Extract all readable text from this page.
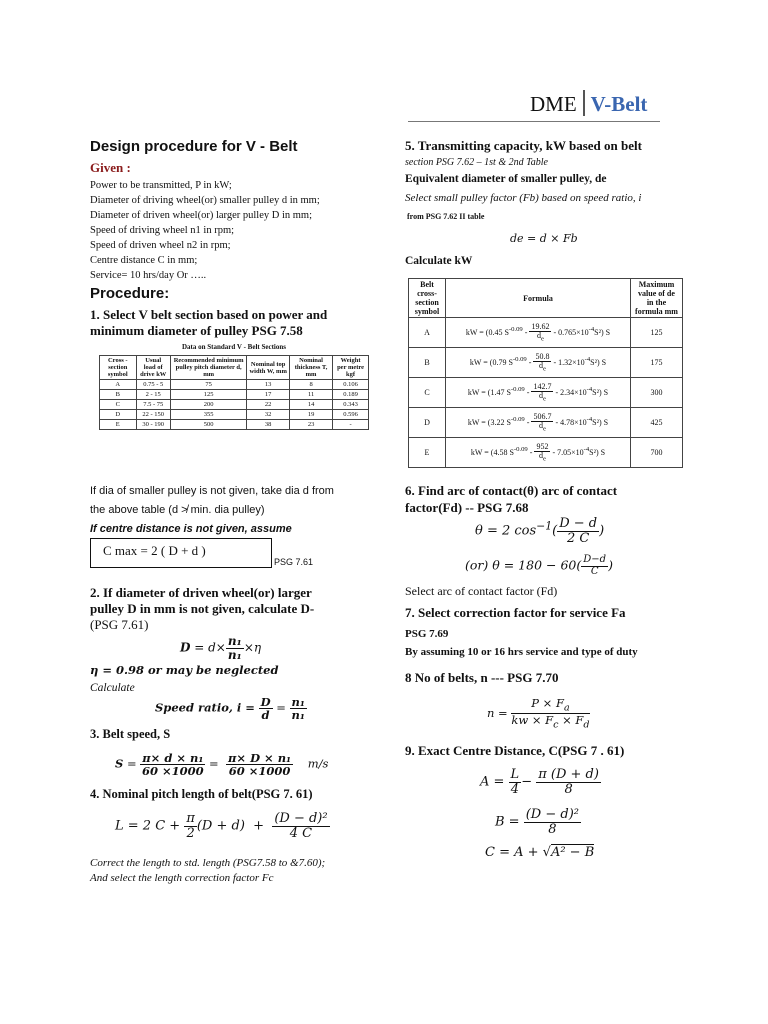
DME V-Belt
Design procedure for V - Belt
Given :
Power to be transmitted, P in kW;
Diameter of driving wheel(or) smaller pulley d in mm;
Diameter of driven wheel(or) larger pulley D in mm;
Speed of driving wheel n1 in rpm;
Speed of driven wheel n2 in rpm;
Centre distance C in mm;
Service= 10 hrs/day Or …..
Procedure:
1. Select V belt section based on power and minimum diameter of pulley PSG 7.58
Data on Standard V - Belt Sections
Cross - section symbol	Usual load of drive kW	Recommended minimum pulley pitch diameter d, mm	Nominal top width W, mm	Nominal thickness T, mm	Weight per metre kgf
A	0.75 - 5	75	13	8	0.106
B	2 - 15	125	17	11	0.189
C	7.5 - 75	200	22	14	0.343
D	22 - 150	355	32	19	0.596
E	30 - 190	500	38	23	-
If dia of smaller pulley is not given, take dia d from
the above table (d ≯ min. dia pulley)
If centre distance is not given, assume
C max = 2 ( D + d )
PSG 7.61
2. If diameter of driven wheel(or) larger
pulley D in mm is not given, calculate D-
(PSG 7.61)
$D = d\times \frac{\text{n₁}}{\text{n₁}} \times\eta$
η = 0.98 or may be neglected
Calculate
Speed ratio, $i = \frac{D}{d} = \frac{\text{n₁}}{\text{n₁}}$
3. Belt speed, S
$S = \frac{\text{π× d × n₁}}{60 \times 1000} = \frac{\text{π× D × n₁}}{60 \times 1000} m/s$
4. Nominal pitch length of belt(PSG 7. 61)
L = 2 $C + \frac{\pi}{2} (D + d) + \frac{\text{(D − d)²}}{4 C}$
Correct the length to std. length (PSG7.58 to &7.60);
And select the length correction factor Fc
5. Transmitting capacity, kW based on belt
section PSG 7.62 – 1st & 2nd Table
Equivalent diameter of smaller pulley, de
Select small pulley factor (Fb) based on speed ratio, i
from PSG 7.62 II table
de = d × Fb
Calculate kW
Belt cross-section symbol	Formula	Maximum value of de in the formula mm
A	kW = (0.45 $S^{-0.09} - \frac{19.62}{d_e} - 0.765\times 10^{-4}S^2$) S	125
B	kW = (0.79 $S^{-0.09} - \frac{50.8}{d_e} - 1.32\times 10^{-4}S^2$) S	175
C	kW = (1.47 $S^{-0.09} - \frac{142.7}{d_e} - 2.34\times 10^{-4}S^2$) S	300
D	kW = (3.22 $S^{-0.09} - \frac{506.7}{d_e} - 4.78\times 10^{-4}S^2$) S	425
E	kW = (4.58 $S^{-0.09} - \frac{952}{d_e} - 7.05\times 10^{-4}S^2$) S	700
6. Find arc of contact(θ) arc of contact
factor(Fd) -- PSG 7.68
θ = 2 $\cos^{-1}( \frac{D - d}{2 C}$ )
(or) $\theta = 180 - 60( \frac{D-d}{C}$ )
Select arc of contact factor (Fd)
7. Select correction factor for service Fa
PSG 7.69
By assuming 10 or 16 hrs service and type of duty
8 No of belts, n --- PSG 7.70
$n = \frac{P \times F_a}{kw \times F_c \times F_d}$
9. Exact Centre Distance, C(PSG 7 . 61)
$A = \frac{L}{4} - \frac{\pi (D + d)}{8}$
$B = \frac{\text{(D − d)²}}{8}$
C = A + √A² − B
